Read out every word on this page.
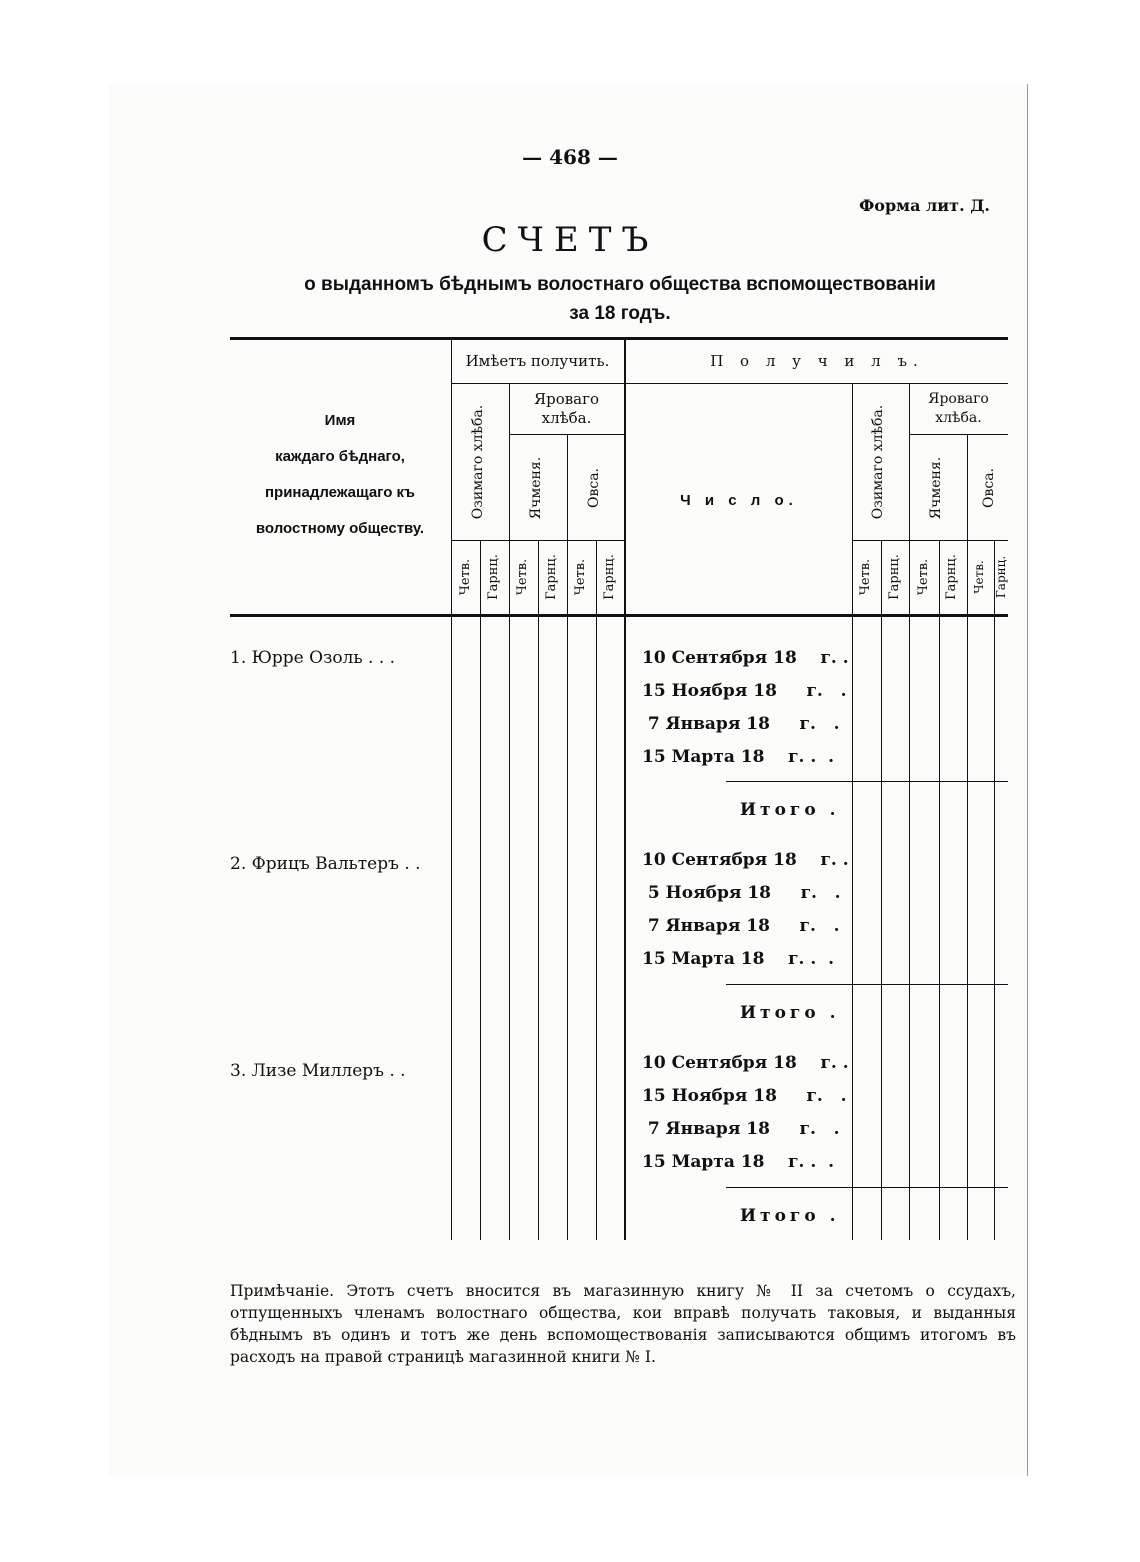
— 468 —
Форма лит. Д.
СЧЕТЪ
о выданномъ бѣднымъ волостнаго общества вспомоществованіи
за 18 годъ.
Имя
каждаго бѣднаго,
принадлежащаго къ
волостному обществу.
Имѣетъ получить.	П о л у ч и л ъ.
Озимаго хлѣба.
Яроваго хлѣба.
Ячменя.	Овса.
Четв. Гарнц. Четв. Гарнц. Четв. Гарнц.
Ч и с л о.	Озимаго хлѣба.
Яроваго хлѣба.
Ячменя.	Овса.
Четв. Гарнц. Четв. Гарнц. Четв. Гарнц.
1. Юрре Озоль . . .	10 Сентября 18    г. .
15 Ноября 18     г.   .
7 Января 18     г.   .
15 Марта 18    г. .  .
Итого .
2. Фрицъ Вальтеръ . .	10 Сентября 18    г. .
5 Ноября 18     г.   .
7 Января 18     г.   .
15 Марта 18    г. .  .
Итого .
3. Лизе Миллеръ . .	10 Сентября 18    г. .
15 Ноября 18     г.   .
7 Января 18     г.   .
15 Марта 18    г. .  .
Итого .
Примѣчаніе. Этотъ счетъ вносится въ магазинную книгу № II за счетомъ о ссудахъ, отпущенныхъ членамъ волостнаго общества, кои вправѣ получать таковыя, и выданныя бѣднымъ въ одинъ и тотъ же день вспомоществованія записываются общимъ итогомъ въ расходъ на правой страницѣ магазинной книги № I.
